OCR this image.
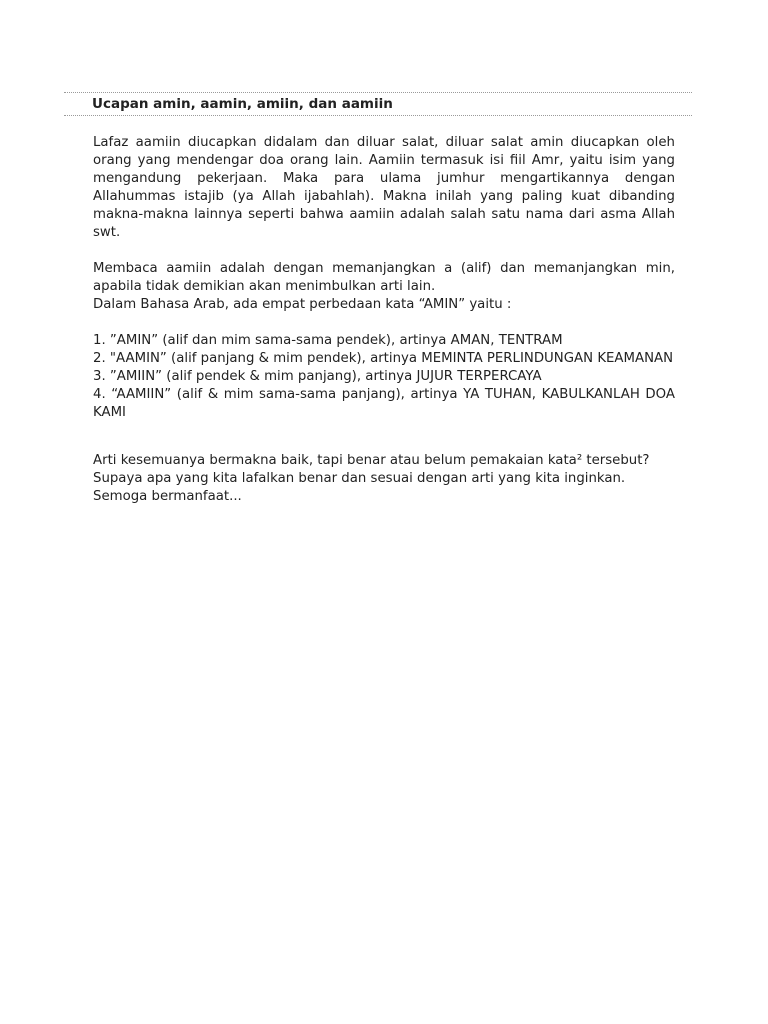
Ucapan amin, aamin, amiin, dan aamiin

Lafaz aamiin diucapkan didalam dan diluar salat, diluar salat amin diucapkan oleh orang yang mendengar doa orang lain. Aamiin termasuk isi fiil Amr, yaitu isim yang mengandung pekerjaan. Maka para ulama jumhur mengartikannya dengan Allahummas istajib (ya Allah ijabahlah). Makna inilah yang paling kuat dibanding makna-makna lainnya seperti bahwa aamiin adalah salah satu nama dari asma Allah swt.

Membaca aamiin adalah dengan memanjangkan a (alif) dan memanjangkan min, apabila tidak demikian akan menimbulkan arti lain.

Dalam Bahasa Arab, ada empat perbedaan kata “AMIN” yaitu :

1. ”AMIN” (alif dan mim sama-sama pendek), artinya AMAN, TENTRAM

2. "AAMIN” (alif panjang & mim pendek), artinya MEMINTA PERLINDUNGAN KEAMANAN

3. ”AMIIN” (alif pendek & mim panjang), artinya JUJUR TERPERCAYA

4. “AAMIIN” (alif & mim sama-sama panjang), artinya YA TUHAN, KABULKANLAH DOA KAMI

Arti kesemuanya bermakna baik, tapi benar atau belum pemakaian kata² tersebut?

Supaya apa yang kita lafalkan benar dan sesuai dengan arti yang kita inginkan.

Semoga bermanfaat...
